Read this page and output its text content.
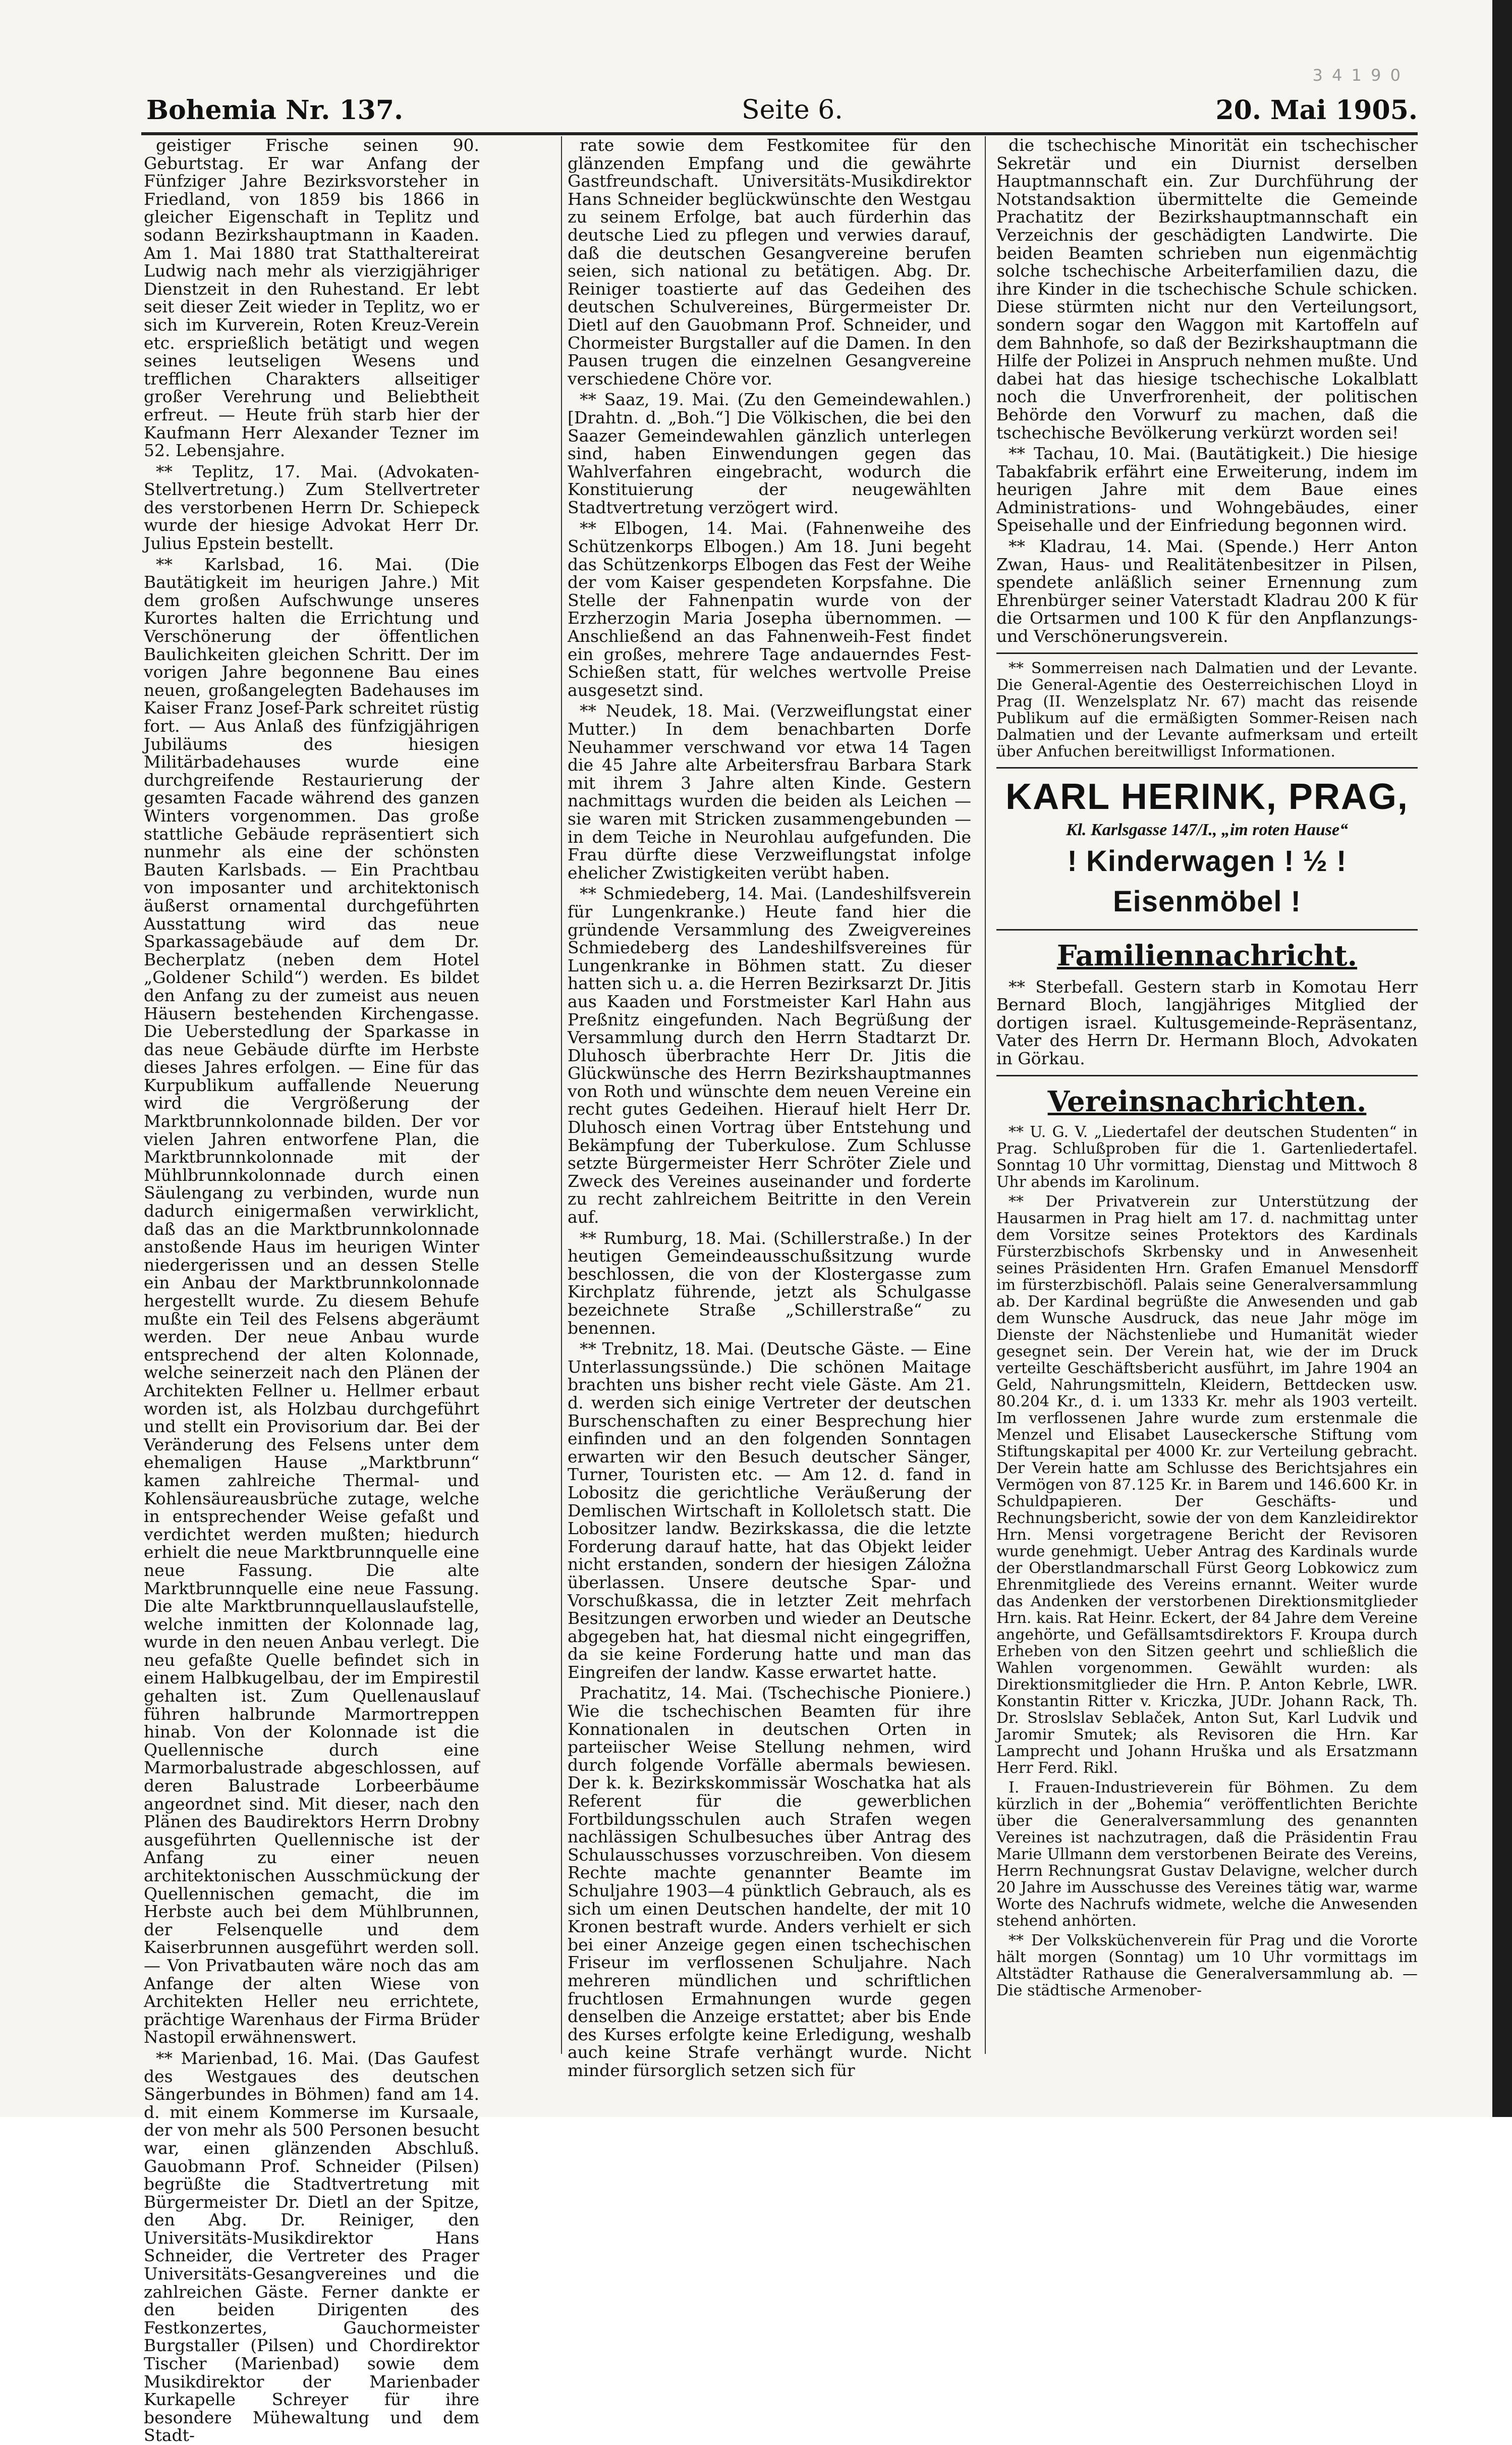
3 4 1 9 0
Bohemia Nr. 137.	Seite 6.	20. Mai 1905.

geistiger Frische seinen 90. Geburtstag. Er war Anfang der Fünfziger Jahre Bezirksvorsteher in Friedland, von 1859 bis 1866 in gleicher Eigenschaft in Teplitz und sodann Bezirkshauptmann in Kaaden. Am 1. Mai 1880 trat Statthaltereirat Ludwig nach mehr als vierzigjähriger Dienstzeit in den Ruhestand. Er lebt seit dieser Zeit wieder in Teplitz, wo er sich im Kurverein, Roten Kreuz-Verein etc. ersprießlich betätigt und wegen seines leutseligen Wesens und trefflichen Charakters allseitiger großer Verehrung und Beliebtheit erfreut. — Heute früh starb hier der Kaufmann Herr Alexander Tezner im 52. Lebensjahre.

** Teplitz, 17. Mai. (Advokaten-Stellvertretung.) Zum Stellvertreter des verstorbenen Herrn Dr. Schiepeck wurde der hiesige Advokat Herr Dr. Julius Epstein bestellt.

** Karlsbad, 16. Mai. (Die Bautätigkeit im heurigen Jahre.) Mit dem großen Aufschwunge unseres Kurortes halten die Errichtung und Verschönerung der öffentlichen Baulichkeiten gleichen Schritt. Der im vorigen Jahre begonnene Bau eines neuen, großangelegten Badehauses im Kaiser Franz Josef-Park schreitet rüstig fort. — Aus Anlaß des fünfzigjährigen Jubiläums des hiesigen Militärbadehauses wurde eine durchgreifende Restaurierung der gesamten Facade während des ganzen Winters vorgenommen. Das große stattliche Gebäude repräsentiert sich nunmehr als eine der schönsten Bauten Karlsbads. — Ein Prachtbau von imposanter und architektonisch äußerst ornamental durchgeführten Ausstattung wird das neue Sparkassagebäude auf dem Dr. Becherplatz (neben dem Hotel „Goldener Schild“) werden. Es bildet den Anfang zu der zumeist aus neuen Häusern bestehenden Kirchengasse. Die Ueberstedlung der Sparkasse in das neue Gebäude dürfte im Herbste dieses Jahres erfolgen. — Eine für das Kurpublikum auffallende Neuerung wird die Vergrößerung der Marktbrunnkolonnade bilden. Der vor vielen Jahren entworfene Plan, die Marktbrunnkolonnade mit der Mühlbrunnkolonnade durch einen Säulengang zu verbinden, wurde nun dadurch einigermaßen verwirklicht, daß das an die Marktbrunnkolonnade anstoßende Haus im heurigen Winter niedergerissen und an dessen Stelle ein Anbau der Marktbrunnkolonnade hergestellt wurde. Zu diesem Behufe mußte ein Teil des Felsens abgeräumt werden. Der neue Anbau wurde entsprechend der alten Kolonnade, welche seinerzeit nach den Plänen der Architekten Fellner u. Hellmer erbaut worden ist, als Holzbau durchgeführt und stellt ein Provisorium dar. Bei der Veränderung des Felsens unter dem ehemaligen Hause „Marktbrunn“ kamen zahlreiche Thermal- und Kohlensäureausbrüche zutage, welche in entsprechender Weise gefaßt und verdichtet werden mußten; hiedurch erhielt die neue Marktbrunnquelle eine neue Fassung. Die alte Marktbrunnquelle eine neue Fassung. Die alte Marktbrunnquellauslaufstelle, welche inmitten der Kolonnade lag, wurde in den neuen Anbau verlegt. Die neu gefaßte Quelle befindet sich in einem Halbkugelbau, der im Empirestil gehalten ist. Zum Quellenauslauf führen halbrunde Marmortreppen hinab. Von der Kolonnade ist die Quellennische durch eine Marmorbalustrade abgeschlossen, auf deren Balustrade Lorbeerbäume angeordnet sind. Mit dieser, nach den Plänen des Baudirektors Herrn Drobny ausgeführten Quellennische ist der Anfang zu einer neuen architektonischen Ausschmückung der Quellennischen gemacht, die im Herbste auch bei dem Mühlbrunnen, der Felsenquelle und dem Kaiserbrunnen ausgeführt werden soll. — Von Privatbauten wäre noch das am Anfange der alten Wiese von Architekten Heller neu errichtete, prächtige Warenhaus der Firma Brüder Nastopil erwähnenswert.

** Marienbad, 16. Mai. (Das Gaufest des Westgaues des deutschen Sängerbundes in Böhmen) fand am 14. d. mit einem Kommerse im Kursaale, der von mehr als 500 Personen besucht war, einen glänzenden Abschluß. Gauobmann Prof. Schneider (Pilsen) begrüßte die Stadtvertretung mit Bürgermeister Dr. Dietl an der Spitze, den Abg. Dr. Reiniger, den Universitäts-Musikdirektor Hans Schneider, die Vertreter des Prager Universitäts-Gesangvereines und die zahlreichen Gäste. Ferner dankte er den beiden Dirigenten des Festkonzertes, Gauchormeister Burgstaller (Pilsen) und Chordirektor Tischer (Marienbad) sowie dem Musikdirektor der Marienbader Kurkapelle Schreyer für ihre besondere Mühewaltung und dem Stadt-

rate sowie dem Festkomitee für den glänzenden Empfang und die gewährte Gastfreundschaft. Universitäts-Musikdirektor Hans Schneider beglückwünschte den Westgau zu seinem Erfolge, bat auch fürderhin das deutsche Lied zu pflegen und verwies darauf, daß die deutschen Gesangvereine berufen seien, sich national zu betätigen. Abg. Dr. Reiniger toastierte auf das Gedeihen des deutschen Schulvereines, Bürgermeister Dr. Dietl auf den Gauobmann Prof. Schneider, und Chormeister Burgstaller auf die Damen. In den Pausen trugen die einzelnen Gesangvereine verschiedene Chöre vor.

** Saaz, 19. Mai. (Zu den Gemeindewahlen.) [Drahtn. d. „Boh.“] Die Völkischen, die bei den Saazer Gemeindewahlen gänzlich unterlegen sind, haben Einwendungen gegen das Wahlverfahren eingebracht, wodurch die Konstituierung der neugewählten Stadtvertretung verzögert wird.

** Elbogen, 14. Mai. (Fahnenweihe des Schützenkorps Elbogen.) Am 18. Juni begeht das Schützenkorps Elbogen das Fest der Weihe der vom Kaiser gespendeten Korpsfahne. Die Stelle der Fahnenpatin wurde von der Erzherzogin Maria Josepha übernommen. — Anschließend an das Fahnenweih-Fest findet ein großes, mehrere Tage andauerndes Fest-Schießen statt, für welches wertvolle Preise ausgesetzt sind.

** Neudek, 18. Mai. (Verzweiflungstat einer Mutter.) In dem benachbarten Dorfe Neuhammer verschwand vor etwa 14 Tagen die 45 Jahre alte Arbeitersfrau Barbara Stark mit ihrem 3 Jahre alten Kinde. Gestern nachmittags wurden die beiden als Leichen — sie waren mit Stricken zusammengebunden — in dem Teiche in Neurohlau aufgefunden. Die Frau dürfte diese Verzweiflungstat infolge ehelicher Zwistigkeiten verübt haben.

** Schmiedeberg, 14. Mai. (Landeshilfsverein für Lungenkranke.) Heute fand hier die gründende Versammlung des Zweigvereines Schmiedeberg des Landeshilfsvereines für Lungenkranke in Böhmen statt. Zu dieser hatten sich u. a. die Herren Bezirksarzt Dr. Jitis aus Kaaden und Forstmeister Karl Hahn aus Preßnitz eingefunden. Nach Begrüßung der Versammlung durch den Herrn Stadtarzt Dr. Dluhosch überbrachte Herr Dr. Jitis die Glückwünsche des Herrn Bezirkshauptmannes von Roth und wünschte dem neuen Vereine ein recht gutes Gedeihen. Hierauf hielt Herr Dr. Dluhosch einen Vortrag über Entstehung und Bekämpfung der Tuberkulose. Zum Schlusse setzte Bürgermeister Herr Schröter Ziele und Zweck des Vereines auseinander und forderte zu recht zahlreichem Beitritte in den Verein auf.

** Rumburg, 18. Mai. (Schillerstraße.) In der heutigen Gemeindeausschußsitzung wurde beschlossen, die von der Klostergasse zum Kirchplatz führende, jetzt als Schulgasse bezeichnete Straße „Schillerstraße“ zu benennen.

** Trebnitz, 18. Mai. (Deutsche Gäste. — Eine Unterlassungssünde.) Die schönen Maitage brachten uns bisher recht viele Gäste. Am 21. d. werden sich einige Vertreter der deutschen Burschenschaften zu einer Besprechung hier einfinden und an den folgenden Sonntagen erwarten wir den Besuch deutscher Sänger, Turner, Touristen etc. — Am 12. d. fand in Lobositz die gerichtliche Veräußerung der Demlischen Wirtschaft in Kolloletsch statt. Die Lobositzer landw. Bezirkskassa, die die letzte Forderung darauf hatte, hat das Objekt leider nicht erstanden, sondern der hiesigen Záložna überlassen. Unsere deutsche Spar- und Vorschußkassa, die in letzter Zeit mehrfach Besitzungen erworben und wieder an Deutsche abgegeben hat, hat diesmal nicht eingegriffen, da sie keine Forderung hatte und man das Eingreifen der landw. Kasse erwartet hatte.

Prachatitz, 14. Mai. (Tschechische Pioniere.) Wie die tschechischen Beamten für ihre Konnationalen in deutschen Orten in parteiischer Weise Stellung nehmen, wird durch folgende Vorfälle abermals bewiesen. Der k. k. Bezirkskommissär Woschatka hat als Referent für die gewerblichen Fortbildungsschulen auch Strafen wegen nachlässigen Schulbesuches über Antrag des Schulausschusses vorzuschreiben. Von diesem Rechte machte genannter Beamte im Schuljahre 1903—4 pünktlich Gebrauch, als es sich um einen Deutschen handelte, der mit 10 Kronen bestraft wurde. Anders verhielt er sich bei einer Anzeige gegen einen tschechischen Friseur im verflossenen Schuljahre. Nach mehreren mündlichen und schriftlichen fruchtlosen Ermahnungen wurde gegen denselben die Anzeige erstattet; aber bis Ende des Kurses erfolgte keine Erledigung, weshalb auch keine Strafe verhängt wurde. Nicht minder fürsorglich setzen sich für

die tschechische Minorität ein tschechischer Sekretär und ein Diurnist derselben Hauptmannschaft ein. Zur Durchführung der Notstandsaktion übermittelte die Gemeinde Prachatitz der Bezirkshauptmannschaft ein Verzeichnis der geschädigten Landwirte. Die beiden Beamten schrieben nun eigenmächtig solche tschechische Arbeiterfamilien dazu, die ihre Kinder in die tschechische Schule schicken. Diese stürmten nicht nur den Verteilungsort, sondern sogar den Waggon mit Kartoffeln auf dem Bahnhofe, so daß der Bezirkshauptmann die Hilfe der Polizei in Anspruch nehmen mußte. Und dabei hat das hiesige tschechische Lokalblatt noch die Unverfrorenheit, der politischen Behörde den Vorwurf zu machen, daß die tschechische Bevölkerung verkürzt worden sei!

** Tachau, 10. Mai. (Bautätigkeit.) Die hiesige Tabakfabrik erfährt eine Erweiterung, indem im heurigen Jahre mit dem Baue eines Administrations- und Wohngebäudes, einer Speisehalle und der Einfriedung begonnen wird.

** Kladrau, 14. Mai. (Spende.) Herr Anton Zwan, Haus- und Realitätenbesitzer in Pilsen, spendete anläßlich seiner Ernennung zum Ehrenbürger seiner Vaterstadt Kladrau 200 K für die Ortsarmen und 100 K für den Anpflanzungs- und Verschönerungsverein.

** Sommerreisen nach Dalmatien und der Levante. Die General-Agentie des Oesterreichischen Lloyd in Prag (II. Wenzelsplatz Nr. 67) macht das reisende Publikum auf die ermäßigten Sommer-Reisen nach Dalmatien und der Levante aufmerksam und erteilt über Anfuchen bereitwilligst Informationen.

KARL HERINK, PRAG,
Kl. Karlsgasse 147/I., „im roten Hause“
! Kinderwagen ! ½ ! Eisenmöbel !
Familiennachricht.

** Sterbefall. Gestern starb in Komotau Herr Bernard Bloch, langjähriges Mitglied der dortigen israel. Kultusgemeinde-Repräsentanz, Vater des Herrn Dr. Hermann Bloch, Advokaten in Görkau.

Vereinsnachrichten.

** U. G. V. „Liedertafel der deutschen Studenten“ in Prag. Schlußproben für die 1. Gartenliedertafel. Sonntag 10 Uhr vormittag, Dienstag und Mittwoch 8 Uhr abends im Karolinum.

** Der Privatverein zur Unterstützung der Hausarmen in Prag hielt am 17. d. nachmittag unter dem Vorsitze seines Protektors des Kardinals Fürsterzbischofs Skrbensky und in Anwesenheit seines Präsidenten Hrn. Grafen Emanuel Mensdorff im fürsterzbischöfl. Palais seine Generalversammlung ab. Der Kardinal begrüßte die Anwesenden und gab dem Wunsche Ausdruck, das neue Jahr möge im Dienste der Nächstenliebe und Humanität wieder gesegnet sein. Der Verein hat, wie der im Druck verteilte Geschäftsbericht ausführt, im Jahre 1904 an Geld, Nahrungsmitteln, Kleidern, Bettdecken usw. 80.204 Kr., d. i. um 1333 Kr. mehr als 1903 verteilt. Im verflossenen Jahre wurde zum erstenmale die Menzel und Elisabet Lauseckersche Stiftung vom Stiftungskapital per 4000 Kr. zur Verteilung gebracht. Der Verein hatte am Schlusse des Berichtsjahres ein Vermögen von 87.125 Kr. in Barem und 146.600 Kr. in Schuldpapieren. Der Geschäfts- und Rechnungsbericht, sowie der von dem Kanzleidirektor Hrn. Mensi vorgetragene Bericht der Revisoren wurde genehmigt. Ueber Antrag des Kardinals wurde der Oberstlandmarschall Fürst Georg Lobkowicz zum Ehrenmitgliede des Vereins ernannt. Weiter wurde das Andenken der verstorbenen Direktionsmitglieder Hrn. kais. Rat Heinr. Eckert, der 84 Jahre dem Vereine angehörte, und Gefällsamtsdirektors F. Kroupa durch Erheben von den Sitzen geehrt und schließlich die Wahlen vorgenommen. Gewählt wurden: als Direktionsmitglieder die Hrn. P. Anton Kebrle, LWR. Konstantin Ritter v. Kriczka, JUDr. Johann Rack, Th. Dr. Stroslslav Seblaček, Anton Sut, Karl Ludvik und Jaromir Smutek; als Revisoren die Hrn. Kar Lamprecht und Johann Hruška und als Ersatzmann Herr Ferd. Rikl.

I. Frauen-Industrieverein für Böhmen. Zu dem kürzlich in der „Bohemia“ veröffentlichten Berichte über die Generalversammlung des genannten Vereines ist nachzutragen, daß die Präsidentin Frau Marie Ullmann dem verstorbenen Beirate des Vereins, Herrn Rechnungsrat Gustav Delavigne, welcher durch 20 Jahre im Ausschusse des Vereines tätig war, warme Worte des Nachrufs widmete, welche die Anwesenden stehend anhörten.

** Der Volksküchenverein für Prag und die Vororte hält morgen (Sonntag) um 10 Uhr vormittags im Altstädter Rathause die Generalversammlung ab. — Die städtische Armenober-
